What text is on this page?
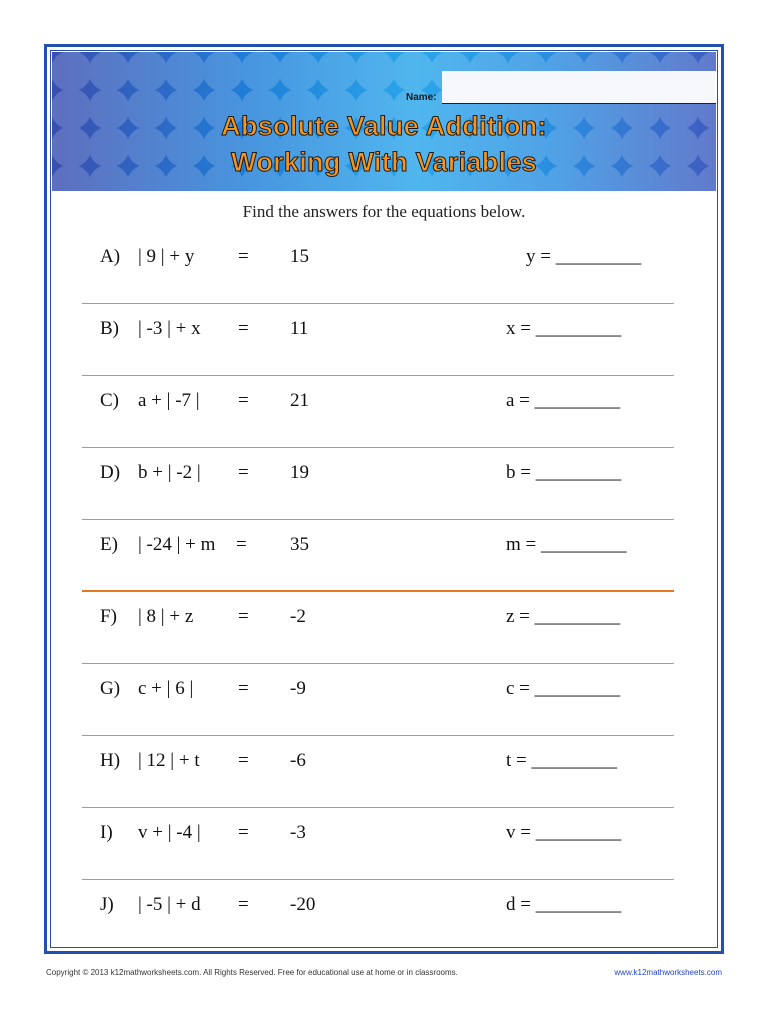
Name:
Absolute Value Addition:
Working With Variables
Find the answers for the equations below.
A) | 9 | + y = 15	y = _________
B) | -3 | + x = 11	x = _________
C) a + | -7 | = 21	a = _________
D) b + | -2 | = 19	b = _________
E) | -24 | + m = 35	m = _________
F) | 8 | + z = -2	z = _________
G) c + | 6 | = -9	c = _________
H) | 12 | + t = -6	t = _________
I) v + | -4 | = -3	v = _________
J) | -5 | + d = -20	d = _________
Copyright © 2013 k12mathworksheets.com. All Rights Reserved. Free for educational use at home or in classrooms.	www.k12mathworksheets.com
